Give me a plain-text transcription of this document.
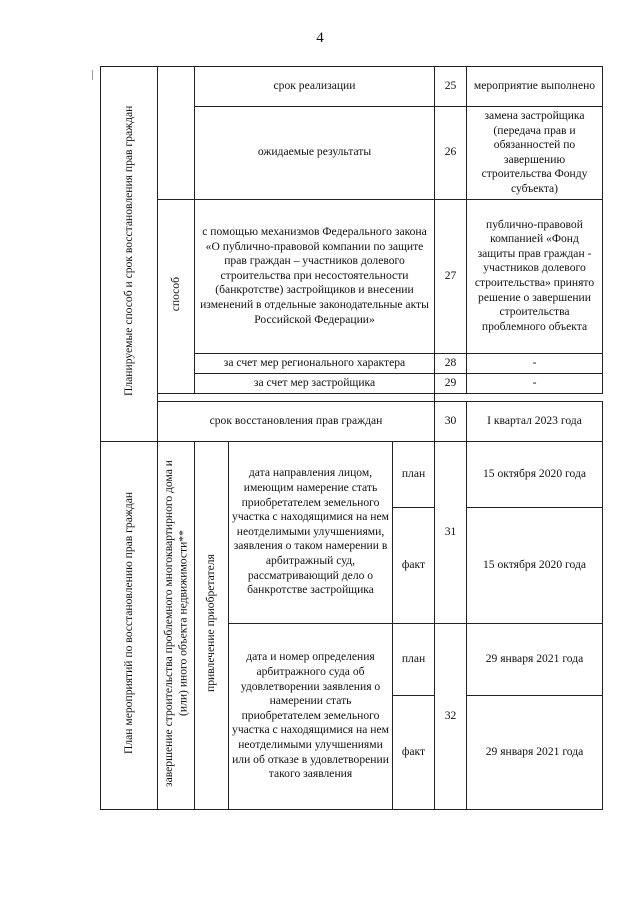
4
Планируемые способ и срок восстановления прав граждан		срок реализации			25	мероприятие выполнено
		ожидаемые результаты			26	замена застройщика (передача прав и обязанностей по завершению строительства Фонду субъекта)
	способ	с помощью механизмов Федерального закона «О публично-правовой компании по защите прав граждан – участников долевого строительства при несостоятельности (банкротстве) застройщиков и внесении изменений в отдельные законодательные акты Российской Федерации»			27	публично-правовой компанией «Фонд защиты прав граждан - участников долевого строительства» принято решение о завершении строительства проблемного объекта
		за счет мер регионального характера			28	-
		за счет мер застройщика			29	-

	срок восстановления прав граждан				30	I квартал 2023 года
План мероприятий по восстановлению прав граждан	завершение строительства проблемного многоквартирного дома и (или) иного объекта недвижимости**	привлечение приобретателя	дата направления лицом, имеющим намерение стать приобретателем земельного участка с находящимися на нем неотделимыми улучшениями, заявления о таком намерении в арбитражный суд, рассматривающий дело о банкротстве застройщика	план	31	15 октября 2020 года
				факт		15 октября 2020 года
			дата и номер определения арбитражного суда об удовлетворении заявления о намерении стать приобретателем земельного участка с находящимися на нем неотделимыми улучшениями или об отказе в удовлетворении такого заявления	план	32	29 января 2021 года
				факт		29 января 2021 года
